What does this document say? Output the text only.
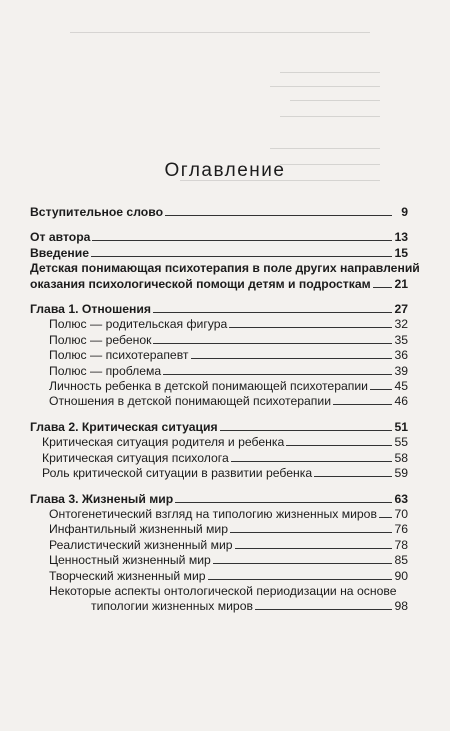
Оглавление
Вступительное слово	9
От автора	13
Введение	15
Детская понимающая психотерапия в поле других направлений
оказания психологической помощи детям и подросткам 21
Глава 1. Отношения	27
Полюс — родительская фигура	32
Полюс — ребенок	35
Полюс — психотерапевт	36
Полюс — проблема	39
Личность ребенка в детской понимающей психотерапии 45
Отношения в детской понимающей психотерапии	46
Глава 2. Критическая ситуация	51
Критическая ситуация родителя и ребенка	55
Критическая ситуация психолога	58
Роль критической ситуации в развитии ребенка	59
Глава 3. Жизненый мир	63
Онтогенетический взгляд на типологию жизненных миров 70
Инфантильный жизненный мир	76
Реалистический жизненный мир	78
Ценностный жизненный мир	85
Творческий жизненный мир	90
Некоторые аспекты онтологической периодизации на основе
типологии жизненных миров	98
